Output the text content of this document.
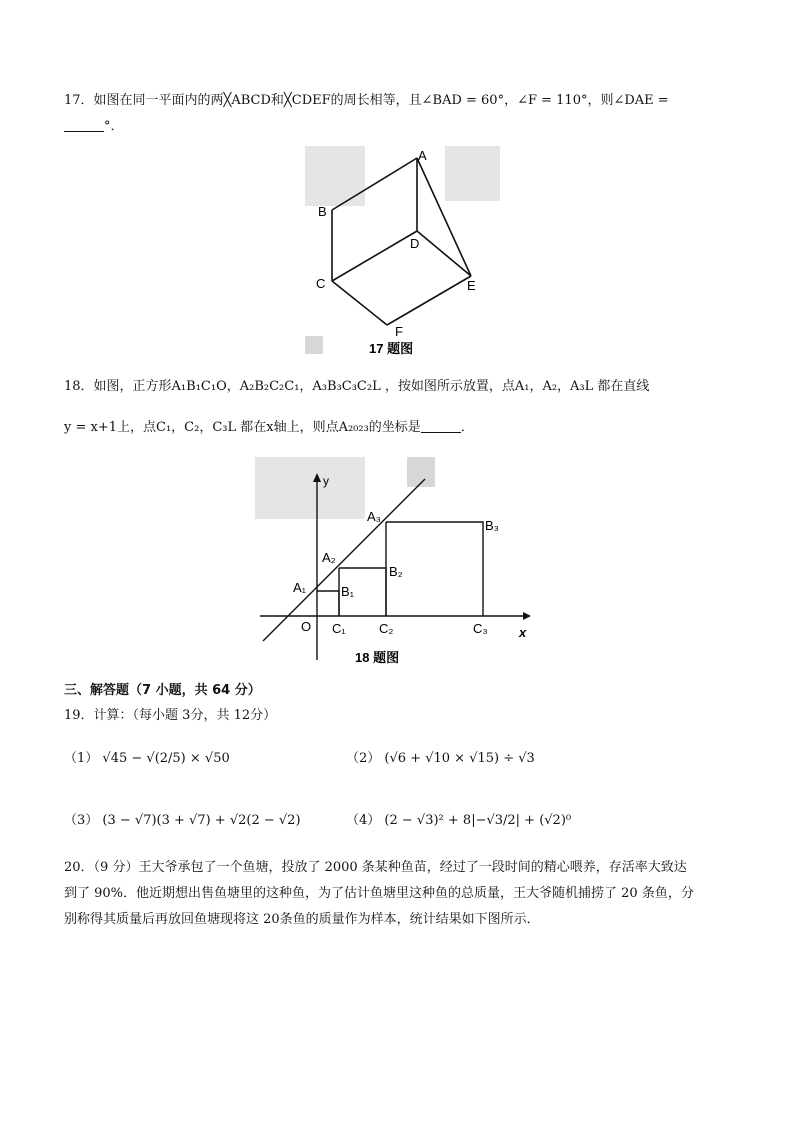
17．如图在同一平面内的两╳ABCD和╳CDEF的周长相等，且∠BAD = 60°，∠F = 110°，则∠DAE =
°．
A
B
C
D
E
F
17 题图
18．如图，正方形A₁B₁C₁O，A₂B₂C₂C₁，A₃B₃C₃C₂L ，按如图所示放置，点A₁，A₂，A₃L 都在直线
y = x+1上，点C₁，C₂，C₃L 都在x轴上，则点A₂₀₂₃的坐标是	．
x
y
O
A₁	B₁
A₂
B₂
A₃
B₃
C₁	C₂	C₃
18 题图
三、解答题（7 小题，共 64 分）
19．计算：（每小题 3分，共 12分）
（1） √45 − √(2/5) × √50	（2） (√6 + √10 × √15) ÷ √3
（3） (3 − √7)(3 + √7) + √2(2 − √2)	（4） (2 − √3)² + 8|−√3/2| + (√2)⁰
20．（9 分）王大爷承包了一个鱼塘，投放了 2000 条某种鱼苗，经过了一段时间的精心喂养，存活率大致达
到了 90%．他近期想出售鱼塘里的这种鱼，为了估计鱼塘里这种鱼的总质量，王大爷随机捕捞了 20 条鱼，分
别称得其质量后再放回鱼塘现将这 20条鱼的质量作为样本，统计结果如下图所示．
